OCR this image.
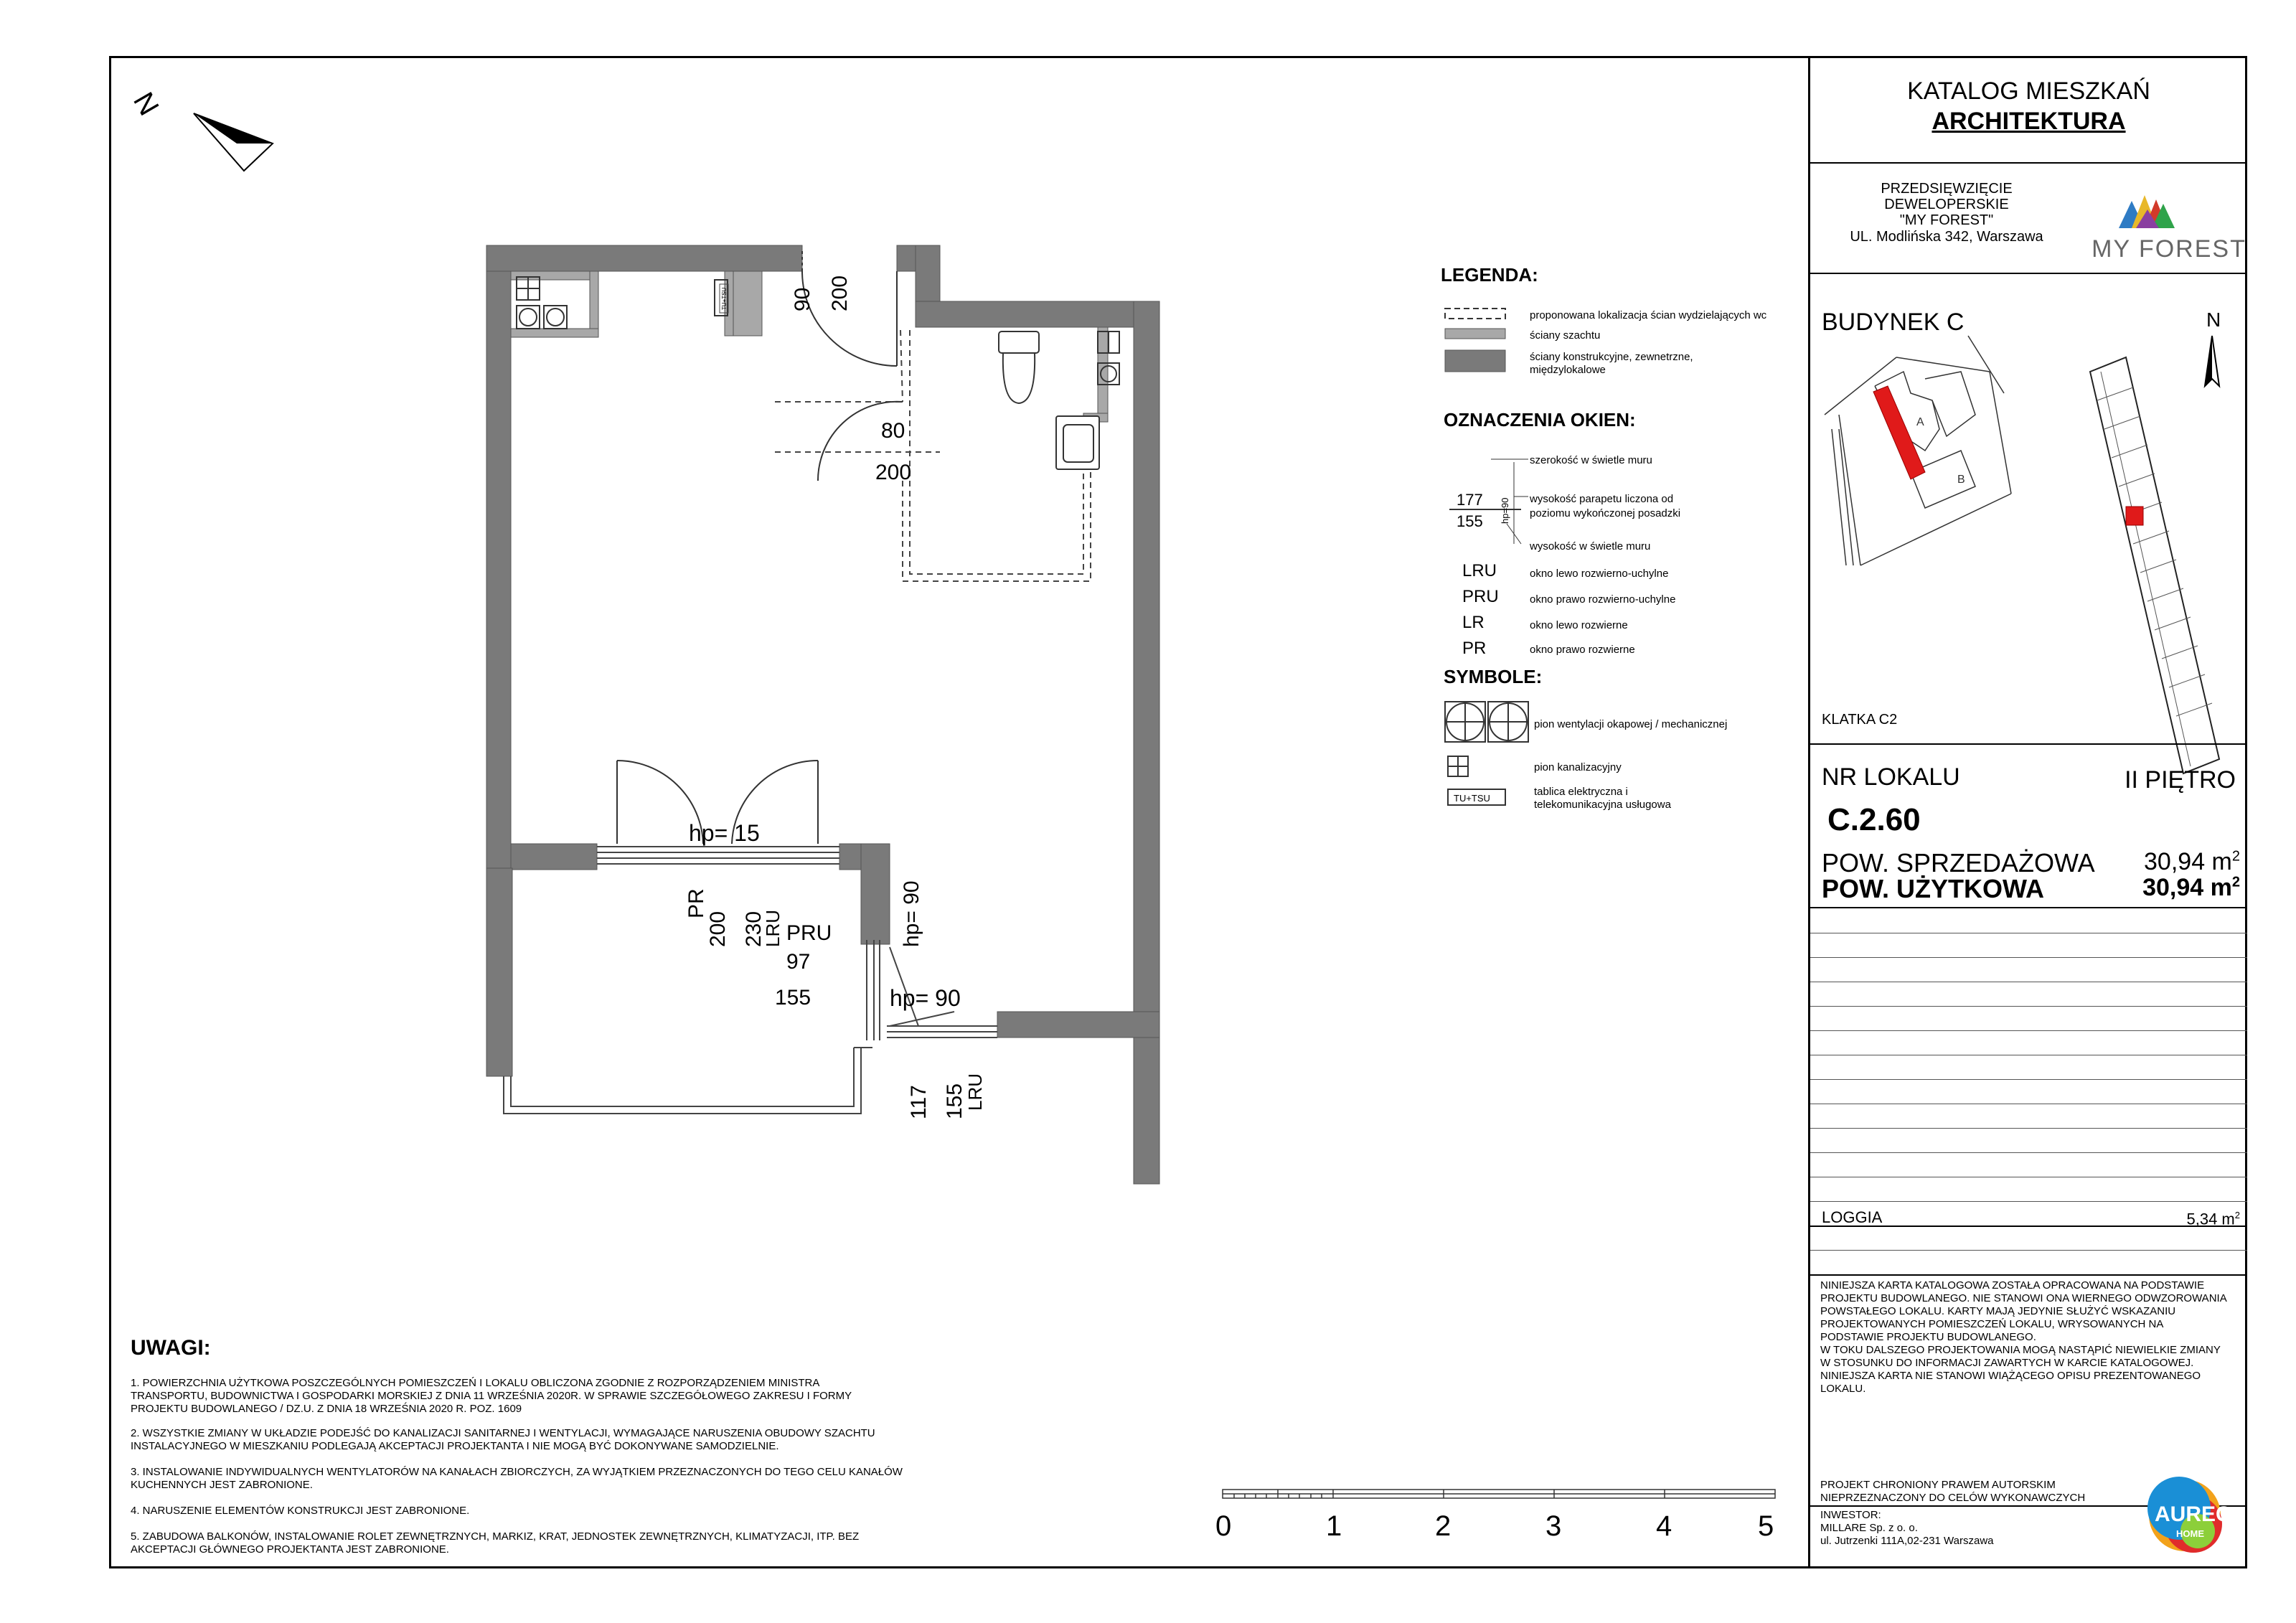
KATALOG MIESZKAŃ
ARCHITEKTURA
PRZEDSIĘWZIĘCIE
DEWELOPERSKIE
"MY FOREST"
UL. Modlińska 342, Warszawa	MY FOREST
BUDYNEK C	N
A
B
KLATKA C2
NR LOKALU	II PIĘTRO
C.2.60
POW. SPRZEDAŻOWA 30,94 $m^2$
POW. UŻYTKOWA	30,94 $m^2$
LOGGIA	5,34 $m^2$
NINIEJSZA KARTA KATALOGOWA ZOSTAŁA OPRACOWANA NA PODSTAWIE
PROJEKTU BUDOWLANEGO. NIE STANOWI ONA WIERNEGO ODWZOROWANIA
POWSTAŁEGO LOKALU. KARTY MAJĄ JEDYNIE SŁUŻYĆ WSKAZANIU
PROJEKTOWANYCH POMIESZCZEŃ LOKALU, WRYSOWANYCH NA
PODSTAWIE PROJEKTU BUDOWLANEGO.
W TOKU DALSZEGO PROJEKTOWANIA MOGĄ NASTĄPIĆ NIEWIELKIE ZMIANY
W STOSUNKU DO INFORMACJI ZAWARTYCH W KARCIE KATALOGOWEJ.
NINIEJSZA KARTA NIE STANOWI WIĄŻĄCEGO OPISU PREZENTOWANEGO
LOKALU.
PROJEKT CHRONIONY PRAWEM AUTORSKIM
NIEPRZEZNACZONY DO CELÓW WYKONAWCZYCH
INWESTOR:
MILLARE Sp. z o. o.
ul. Jutrzenki 111A,02-231 Warszawa
AUREC
HOME
N
90 200
80
200
hp= 15
PR
200 230
LRU PRU
97
155
hp= 90
hp= 90
117 155
LRU
TU+TSU
LEGENDA:
proponowana lokalizacja ścian wydzielających wc
ściany szachtu
ściany konstrukcyjne, zewnetrzne,
międzylokalowe
OZNACZENIA OKIEN:
177
155 hp=90
szerokość w świetle muru
wysokość parapetu liczona od
poziomu wykończonej posadzki
wysokość w świetle muru
LRU	okno lewo rozwierno-uchylne
PRU	okno prawo rozwierno-uchylne
LR	okno lewo rozwierne
PR	okno prawo rozwierne
SYMBOLE:
TU+TSU
pion wentylacji okapowej / mechanicznej
pion kanalizacyjny
tablica elektryczna i
telekomunikacyjna usługowa
UWAGI:
1. POWIERZCHNIA UŻYTKOWA POSZCZEGÓLNYCH POMIESZCZEŃ I LOKALU OBLICZONA ZGODNIE Z ROZPORZĄDZENIEM MINISTRA
TRANSPORTU, BUDOWNICTWA I GOSPODARKI MORSKIEJ Z DNIA 11 WRZEŚNIA 2020R. W SPRAWIE SZCZEGÓŁOWEGO ZAKRESU I FORMY
PROJEKTU BUDOWLANEGO / DZ.U. Z DNIA 18 WRZEŚNIA 2020 R. POZ. 1609
2. WSZYSTKIE ZMIANY W UKŁADZIE PODEJŚĆ DO KANALIZACJI SANITARNEJ I WENTYLACJI, WYMAGAJĄCE NARUSZENIA OBUDOWY SZACHTU
INSTALACYJNEGO W MIESZKANIU PODLEGAJĄ AKCEPTACJI PROJEKTANTA I NIE MOGĄ BYĆ DOKONYWANE SAMODZIELNIE.
3. INSTALOWANIE INDYWIDUALNYCH WENTYLATORÓW NA KANAŁACH ZBIORCZYCH, ZA WYJĄTKIEM PRZEZNACZONYCH DO TEGO CELU KANAŁÓW
KUCHENNYCH JEST ZABRONIONE.
4. NARUSZENIE ELEMENTÓW KONSTRUKCJI JEST ZABRONIONE.
5. ZABUDOWA BALKONÓW, INSTALOWANIE ROLET ZEWNĘTRZNYCH, MARKIZ, KRAT, JEDNOSTEK ZEWNĘTRZNYCH, KLIMATYZACJI, ITP. BEZ
AKCEPTACJI GŁÓWNEGO PROJEKTANTA JEST ZABRONIONE.
0	1	2	3	4	5
